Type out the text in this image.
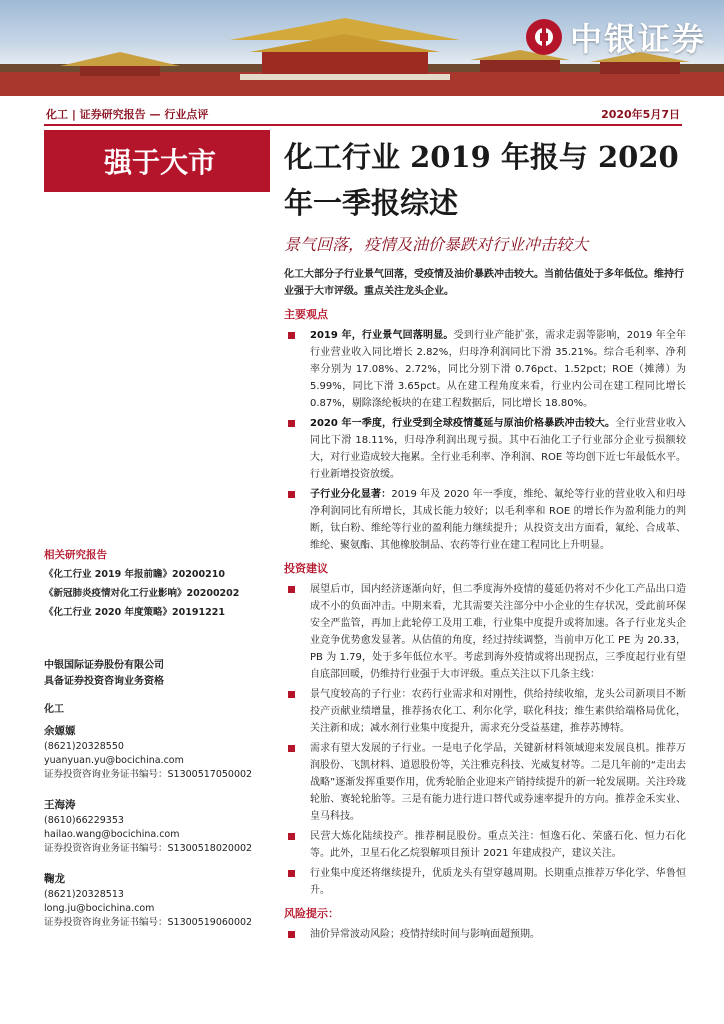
中银证券
化工 | 证券研究报告 — 行业点评	2020年5月7日
强于大市 化工行业 2019 年报与 2020 年一季报综述
景气回落，疫情及油价暴跌对行业冲击较大
化工大部分子行业景气回落，受疫情及油价暴跌冲击较大。当前估值处于多年低位。维持行业强于大市评级。重点关注龙头企业。
主要观点
2019 年，行业景气回落明显。受到行业产能扩张，需求走弱等影响，2019 年全年行业营业收入同比增长 2.82%，归母净利润同比下滑 35.21%。综合毛利率、净利率分别为 17.08%、2.72%，同比分别下滑 0.76pct、1.52pct；ROE（摊薄）为 5.99%，同比下滑 3.65pct。从在建工程角度来看，行业内公司在建工程同比增长 0.87%，剔除涤纶板块的在建工程数据后，同比增长 18.80%。
2020 年一季度，行业受到全球疫情蔓延与原油价格暴跌冲击较大。全行业营业收入同比下滑 18.11%，归母净利润出现亏损。其中石油化工子行业部分企业亏损额较大，对行业造成较大拖累。全行业毛利率、净利润、ROE 等均创下近七年最低水平。行业新增投资放缓。
子行业分化显著：2019 年及 2020 年一季度，维纶、氟纶等行业的营业收入和归母净利润同比有所增长，其成长能力较好；以毛利率和 ROE 的增长作为盈利能力的判断，钛白粉、维纶等行业的盈利能力继续提升；从投资支出方面看，氟纶、合成革、维纶、聚氨酯、其他橡胶制品、农药等行业在建工程同比上升明显。
投资建议
展望后市，国内经济逐渐向好，但二季度海外疫情的蔓延仍将对不少化工产品出口造成不小的负面冲击。中期来看，尤其需要关注部分中小企业的生存状况，受此前环保安全严监管，再加上此轮停工及用工难，行业集中度提升或将加速。各子行业龙头企业竞争优势愈发显著。从估值的角度，经过持续调整，当前申万化工 PE 为 20.33，PB 为 1.79，处于多年低位水平。考虑到海外疫情或将出现拐点，三季度起行业有望自底部回暖，仍维持行业强于大市评级。重点关注以下几条主线：
景气度较高的子行业：农药行业需求和对刚性，供给持续收缩，龙头公司新项目不断投产贡献业绩增量，推荐扬农化工、利尔化学，联化科技；维生素供给端格局优化，关注新和成；减水剂行业集中度提升，需求充分受益基建，推荐苏博特。
需求有望大发展的子行业。一是电子化学品，关键新材料领域迎来发展良机。推荐万润股份、飞凯材料、道恩股份等，关注雅克科技、光威复材等。二是几年前的“走出去战略”逐渐发挥重要作用，优秀轮胎企业迎来产销持续提升的新一轮发展期。关注玲珑轮胎、赛轮轮胎等。三是有能力进行进口替代或券速率提升的方向。推荐金禾实业、皇马科技。
民营大炼化陆续投产。推荐桐昆股份。重点关注：恒逸石化、荣盛石化、恒力石化等。此外，卫星石化乙烷裂解项目预计 2021 年建成投产，建议关注。
行业集中度还将继续提升，优质龙头有望穿越周期。长期重点推荐万华化学、华鲁恒升。
风险提示：
油价异常波动风险；疫情持续时间与影响面超预期。
相关研究报告
《化工行业 2019 年报前瞻》20200210
《新冠肺炎疫情对化工行业影响》20200202
《化工行业 2020 年度策略》20191221
中银国际证券股份有限公司
具备证券投资咨询业务资格
化工
余嫄嫄
(8621)20328550
yuanyuan.yu@bocichina.com
证券投资咨询业务证书编号：S1300517050002
王海涛
(8610)66229353
hailao.wang@bocichina.com
证券投资咨询业务证书编号：S1300518020002
鞠龙
(8621)20328513
long.ju@bocichina.com
证券投资咨询业务证书编号：S1300519060002
